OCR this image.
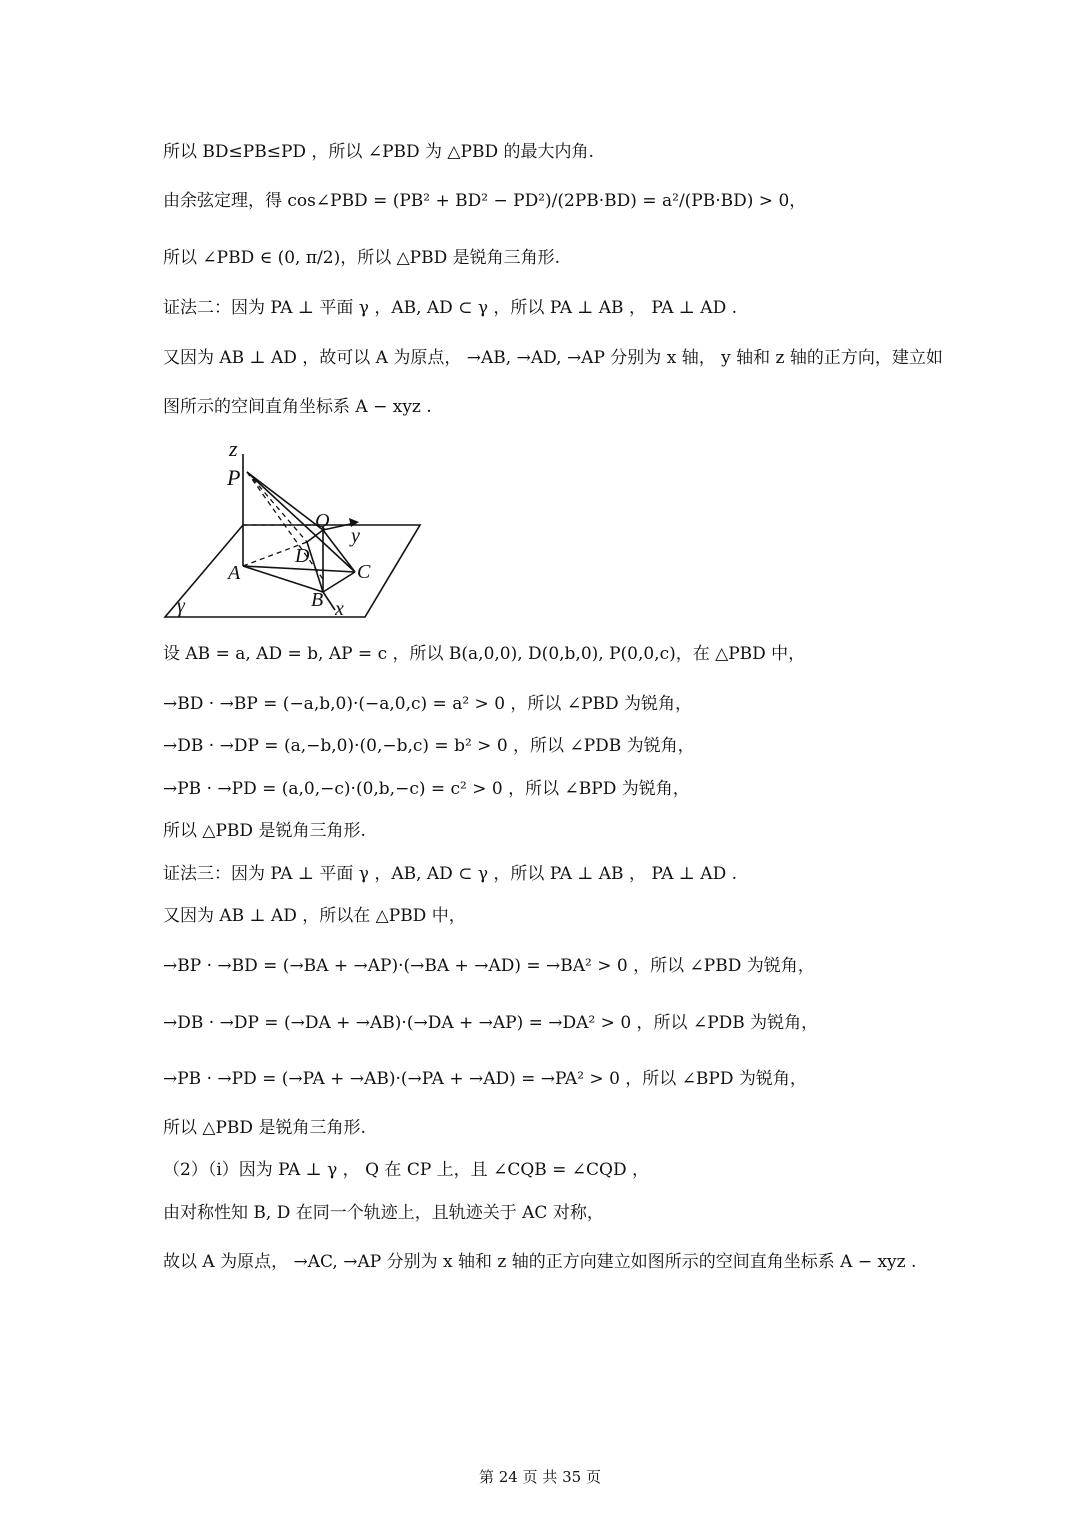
所以 BD≤PB≤PD ，所以 ∠PBD 为 △PBD 的最大内角.
由余弦定理，得 cos∠PBD = (PB² + BD² − PD²)/(2PB·BD) = a²/(PB·BD) > 0，
所以 ∠PBD ∈ (0, π/2)，所以 △PBD 是锐角三角形.
证法二：因为 PA ⊥ 平面 γ ，AB, AD ⊂ γ ，所以 PA ⊥ AB ， PA ⊥ AD .
又因为 AB ⊥ AD ，故可以 A 为原点， →AB, →AD, →AP 分别为 x 轴， y 轴和 z 轴的正方向，建立如
图所示的空间直角坐标系 A − xyz .
z
P
Q
y
D
A	C
B x
γ
设 AB = a, AD = b, AP = c ，所以 B(a,0,0), D(0,b,0), P(0,0,c)，在 △PBD 中，
→BD · →BP = (−a,b,0)·(−a,0,c) = a² > 0 ，所以 ∠PBD 为锐角，
→DB · →DP = (a,−b,0)·(0,−b,c) = b² > 0 ，所以 ∠PDB 为锐角，
→PB · →PD = (a,0,−c)·(0,b,−c) = c² > 0 ，所以 ∠BPD 为锐角，
所以 △PBD 是锐角三角形.
证法三：因为 PA ⊥ 平面 γ ，AB, AD ⊂ γ ，所以 PA ⊥ AB ， PA ⊥ AD .
又因为 AB ⊥ AD ，所以在 △PBD 中，
→BP · →BD = (→BA + →AP)·(→BA + →AD) = →BA² > 0 ，所以 ∠PBD 为锐角，
→DB · →DP = (→DA + →AB)·(→DA + →AP) = →DA² > 0 ，所以 ∠PDB 为锐角，
→PB · →PD = (→PA + →AB)·(→PA + →AD) = →PA² > 0 ，所以 ∠BPD 为锐角，
所以 △PBD 是锐角三角形.
（2）（i）因为 PA ⊥ γ ， Q 在 CP 上，且 ∠CQB = ∠CQD ，
由对称性知 B, D 在同一个轨迹上，且轨迹关于 AC 对称，
故以 A 为原点， →AC, →AP 分别为 x 轴和 z 轴的正方向建立如图所示的空间直角坐标系 A − xyz .
第 24 页 共 35 页
